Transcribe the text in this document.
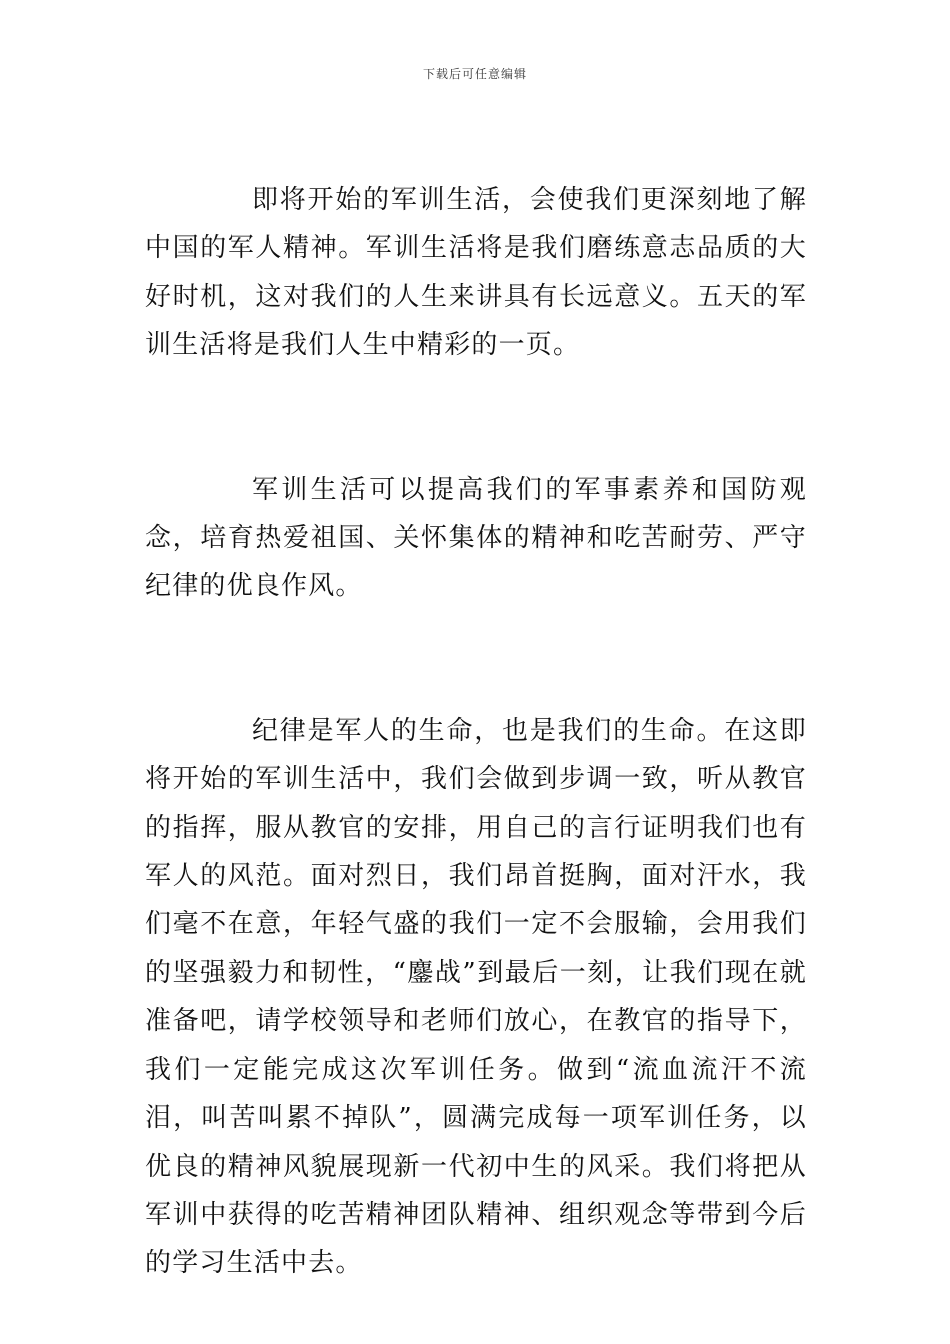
下载后可任意编辑

即将开始的军训生活，会使我们更深刻地了解中国的军人精神。军训生活将是我们磨练意志品质的大好时机，这对我们的人生来讲具有长远意义。五天的军训生活将是我们人生中精彩的一页。

军训生活可以提高我们的军事素养和国防观念，培育热爱祖国、关怀集体的精神和吃苦耐劳、严守纪律的优良作风。

纪律是军人的生命，也是我们的生命。在这即将开始的军训生活中，我们会做到步调一致，听从教官的指挥，服从教官的安排，用自己的言行证明我们也有军人的风范。面对烈日，我们昂首挺胸，面对汗水，我们毫不在意，年轻气盛的我们一定不会服输，会用我们的坚强毅力和韧性，“鏖战”到最后一刻，让我们现在就准备吧，请学校领导和老师们放心，在教官的指导下，我们一定能完成这次军训任务。做到“流血流汗不流泪，叫苦叫累不掉队”，圆满完成每一项军训任务，以优良的精神风貌展现新一代初中生的风采。我们将把从军训中获得的吃苦精神团队精神、组织观念等带到今后的学习生活中去。
